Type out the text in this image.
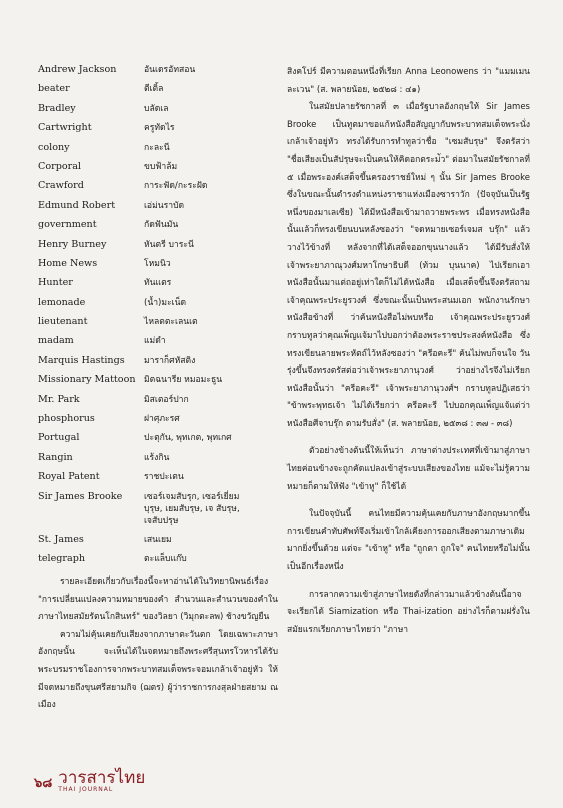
Andrew Jackson	อันเดรอัทสอน
beater	ตีเติ้ล
Bradley	บลัดเล
Cartwright	ครูทัดไร
colony	กะละนี
Corporal	ขบฟ้าล้ม
Crawford	การะฟัด/กะระฝัด
Edmund Robert	เอ่ม่นราบัด
government	กัดฟันมัน
Henry Burney	หันตรี บาระนี
Home News	โหมนิว
Hunter	ทันแตร
lemonade	(น้ำ)มะเน็ด
lieutenant	ไหลตตะเลนเต
madam	แม่ดำ
Marquis Hastings	มาราก็ศหัสติง
Missionary Mattoon มิตฉนารีย หมอมะธูน
Mr. Park	มิสเตอร์ปาก
phosphorus	ฝาศุภะรศ
Portugal	ปะตุกัน, พุทเกต, พุทเกศ
Rangin	แร้งกิน
Royal Patent	ราชปะเตน
Sir James Brooke	เซอร์เจมสับรุก, เซอร์เยี่ยม
บุรุษ, เยมสับรุษ, เจ สับรุษ,
เจสับปรุษ
St. James	เสนเยม
telegraph	ตะแล็บแก๊บ

รายละเอียดเกี่ยวกับเรื่องนี้จะหาอ่านได้ในวิทยานิพนธ์เรื่อง "การเปลี่ยนแปลงความหมายของคำ สำนวนและสำนวนของคำในภาษาไทยสมัยรัตนโกสินทร์" ของวิลยา (วิมุกตะลพ) ช้างขวัญยืน

ความไม่คุ้นเคยกับเสียงจากภาษาตะวันตก โดยเฉพาะภาษาอังกฤษนั้น จะเห็นได้ในจดหมายถึงพระศรีสุนทรโวหารได้รับพระบรมราชโองการจากพระบาทสมเด็จพระจอมเกล้าเจ้าอยู่หัว ให้มีจดหมายถึงขุนศรีสยามกิจ (ฌตร) ผู้ว่าราชการกงสุลฝ่ายสยาม ณ เมือง

สิงคโปร์ มีความตอนหนึ่งที่เรียก Anna Leonowens ว่า "แมมเมนละเวน" (ส. พลายน้อย, ๒๕๒๘ : ๔๑)

ในสมัยปลายรัชกาลที่ ๓ เมื่อรัฐบาลอังกฤษให้ Sir James Brooke เป็นทูตมาขอแก้หนังสือสัญญากับพระบาทสมเด็จพระนั่งเกล้าเจ้าอยู่หัว ทรงได้รับการทำทูลว่าชื่อ "เซมสับรุษ" จึงตรัสว่า "ชื่อเสียงเป็นสัปรุษจะเป็นคนให้คิดอกตระม่ัว" ต่อมาในสมัยรัชกาลที่ ๕ เมื่อพระองค์เสด็จขึ้นครองราชย์ใหม่ ๆ นั้น Sir James Brooke ซึ่งในขณะนั้นดำรงตำแหน่งราชาแห่งเมืองซาราวัก (ปัจจุบันเป็นรัฐหนึ่งของมาเลเซีย) ได้มีหนังสือเข้ามาถวายพระพร เมื่อทรงหนังสือนั้นแล้วก็ทรงเขียนบนหลังซองว่า "จดหมายเซอร์เจมส บรุ๊ก" แล้ววางไว้ข้างที่ หลังจากที่ได้เสด็จออกขุนนางแล้ว ได้มีรับสั่งให้เจ้าพระยาภาณุวงศ์มหาโกษาธิบดี (ท้วม บุนนาค) ไปเรียกเอาหนังสือนั้นมาแต่ถอยู่เท่าใดก็ไม่ได้หนังสือ เมื่อเสด็จขึ้นจึงตรัสถาม เจ้าคุณพระประยูรวงศ์ ซึ่งขณะนั้นเป็นพระสนมเอก พนักงานรักษาหนังสือข้างที่ ว่าค้นหนังสือไม่พบหรือ เจ้าคุณพระประยูรวงศ์กราบทูลว่าคุณเพ็ญแจ้มาไปบอกว่าต้องพระราชประสงค์หนังสือ ซึ่งทรงเขียนลายพระหัตถ์ไว้หลังซองว่า "ครีอคะรี" ค้นไม่พบก็จนใจ วันรุ่งขึ้นจึงทรงตรัสต่อว่าเจ้าพระยาภานุวงศ์ ว่าอย่างไรจึงไม่เรียกหนังสือนั้นว่า "ครีอคะรี" เจ้าพระยาภานุวงศ์ฯ กราบทูลปฏิเสธว่า "ข้าพระพุทธเจ้า ไม่ได้เรียกว่า ครีอคะรี ไปบอกคุณเพ็ญแจ้แต่ว่า หนังสือศีจาบรุ๊ก ตามรับสั่ง" (ส. พลายน้อย, ๒๕๓๘ : ๓๗ - ๓๘)

ตัวอย่างข้างต้นนี้ให้เห็นว่า ภาษาต่างประเทศที่เข้ามาสู่ภาษาไทยค่อนข้างจะถูกคัดแปลงเข้าสู่ระบบเสียงของไทย แม้จะไม่รู้ความหมายก็ตามให้ฟัง "เข้าหู" ก็ใช้ได้

ในปัจจุบันนี้ คนไทยมีความคุ้นเคยกับภาษาอังกฤษมากขึ้น การเขียนคำทับศัพท์จึงเริ่มเข้าใกล้เคียงการออกเสียงตามภาษาเดิมมากยิ่งขึ้นด้วย แต่จะ "เข้าหู" หรือ "ถูกตา ถูกใจ" คนไทยหรือไม่นั้น เป็นอีกเรื่องหนึ่ง

การลากความเข้าสู่ภาษาไทยดังที่กล่าวมาแล้วข้างต้นนี้อาจจะเรียกได้ Siamization หรือ Thai-ization อย่างไรก็ตามฝรั่งในสมัยแรกเรียกภาษาไทยว่า "ภาษา

๖๘ วารสารไทย
THAI JOURNAL
